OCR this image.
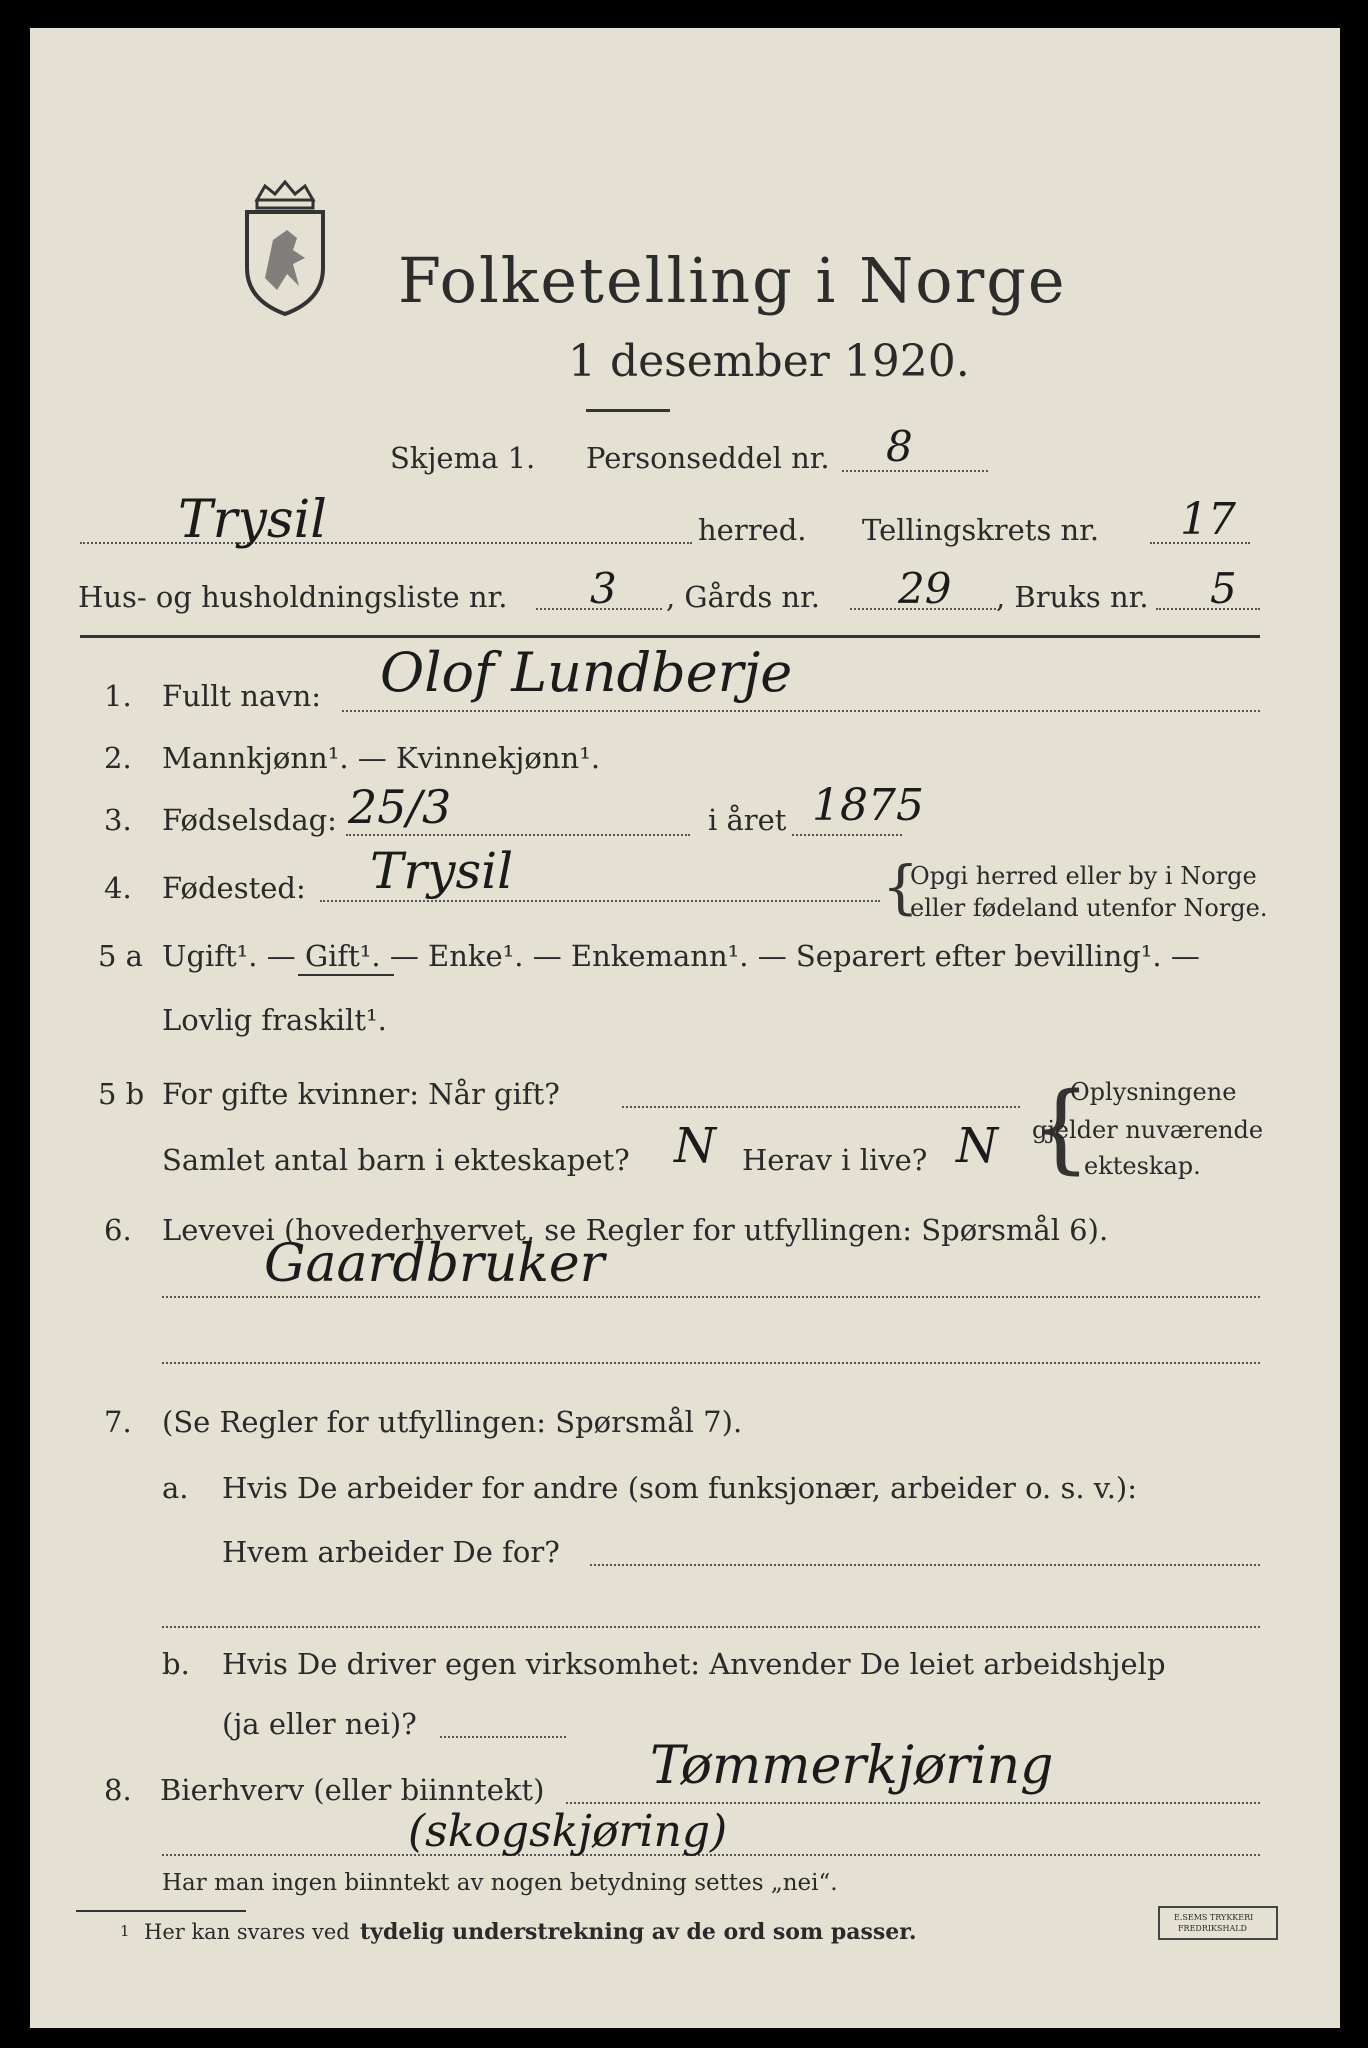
Folketelling i Norge
1 desember 1920.
Skjema 1. Personseddel nr. 8
Trysil	herred. Tellingskrets nr. 17
Hus- og husholdningsliste nr. 3 , Gårds nr. 29 , Bruks nr. 5
1. Fullt navn: Olof Lundberje
2. Mannkjønn¹. — Kvinnekjønn¹.
3. Fødselsdag: 25/3	i året 1875
4. Fødested: Trysil	{
Opgi herred eller by i Norge
eller fødeland utenfor Norge.
5 a Ugift¹. — Gift¹. — Enke¹. — Enkemann¹. — Separert efter bevilling¹. —
Lovlig fraskilt¹.
5 b For gifte kvinner: Når gift?
Samlet antal barn i ekteskapet? N Herav i live? N {
Oplysningene
gjelder nuværende
ekteskap.
6. Levevei (hovederhvervet, se Regler for utfyllingen: Spørsmål 6).
Gaardbruker
7. (Se Regler for utfyllingen: Spørsmål 7).
a. Hvis De arbeider for andre (som funksjonær, arbeider o. s. v.):
Hvem arbeider De for?
b. Hvis De driver egen virksomhet: Anvender De leiet arbeidshjelp
(ja eller nei)?
8. Bierhverv (eller biinntekt) Tømmerkjøring
(skogskjøring)
Har man ingen biinntekt av nogen betydning settes „nei“.
1 Her kan svares ved tydelig understrekning av de ord som passer.
E.SEMS TRYKKERI
FREDRIKSHALD
